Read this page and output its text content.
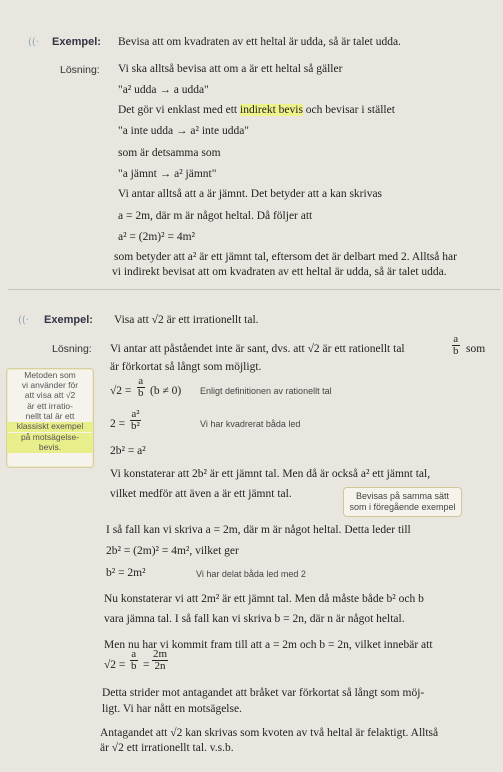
((· Exempel: Bevisa att om kvadraten av ett heltal är udda, så är talet udda.
Lösning: Vi ska alltså bevisa att om a är ett heltal så gäller
"a² udda → a udda"
Det gör vi enklast med ett indirekt bevis och bevisar i stället
"a inte udda → a² inte udda"
som är detsamma som
"a jämnt → a² jämnt"
Vi antar alltså att a är jämnt. Det betyder att a kan skrivas
a = 2m, där m är något heltal. Då följer att
a² = (2m)² = 4m²
som betyder att a² är ett jämnt tal, eftersom det är delbart med 2. Alltså har
vi indirekt bevisat att om kvadraten av ett heltal är udda, så är talet udda.
((· Exempel: Visa att √2 är ett irrationellt tal.
Lösning: Vi antar att påståendet inte är sant, dvs. att √2 är ett rationellt tal	$\frac{a}{b}$ som
är förkortat så långt som möjligt.
Metoden som
vi använder för
att visa att √2
är ett irratio-
nellt tal är ett
klassiskt exempel
på motsägelse-
bevis.
$√2 = \frac{a}{b} (b \ne 0)$ Enligt definitionen av rationellt tal
$2 = \frac{\text{a²}}{\text{b²}}$	Vi har kvadrerat båda led
2b² = a²
Vi konstaterar att 2b² är ett jämnt tal. Men då är också a² ett jämnt tal,
vilket medför att även a är ett jämnt tal.	Bevisas på samma sätt
som i föregående exempel
I så fall kan vi skriva a = 2m, där m är något heltal. Detta leder till
2b² = (2m)² = 4m², vilket ger
b² = 2m²	Vi har delat båda led med 2
Nu konstaterar vi att 2m² är ett jämnt tal. Men då måste både b² och b
vara jämna tal. I så fall kan vi skriva b = 2n, där n är något heltal.
Men nu har vi kommit fram till att a = 2m och b = 2n, vilket innebär att
$√2 = \frac{a}{b} = \frac{2m}{2n}$
Detta strider mot antagandet att bråket var förkortat så långt som möj-
ligt. Vi har nått en motsägelse.
Antagandet att √2 kan skrivas som kvoten av två heltal är felaktigt. Alltså
är √2 ett irrationellt tal. v.s.b.
